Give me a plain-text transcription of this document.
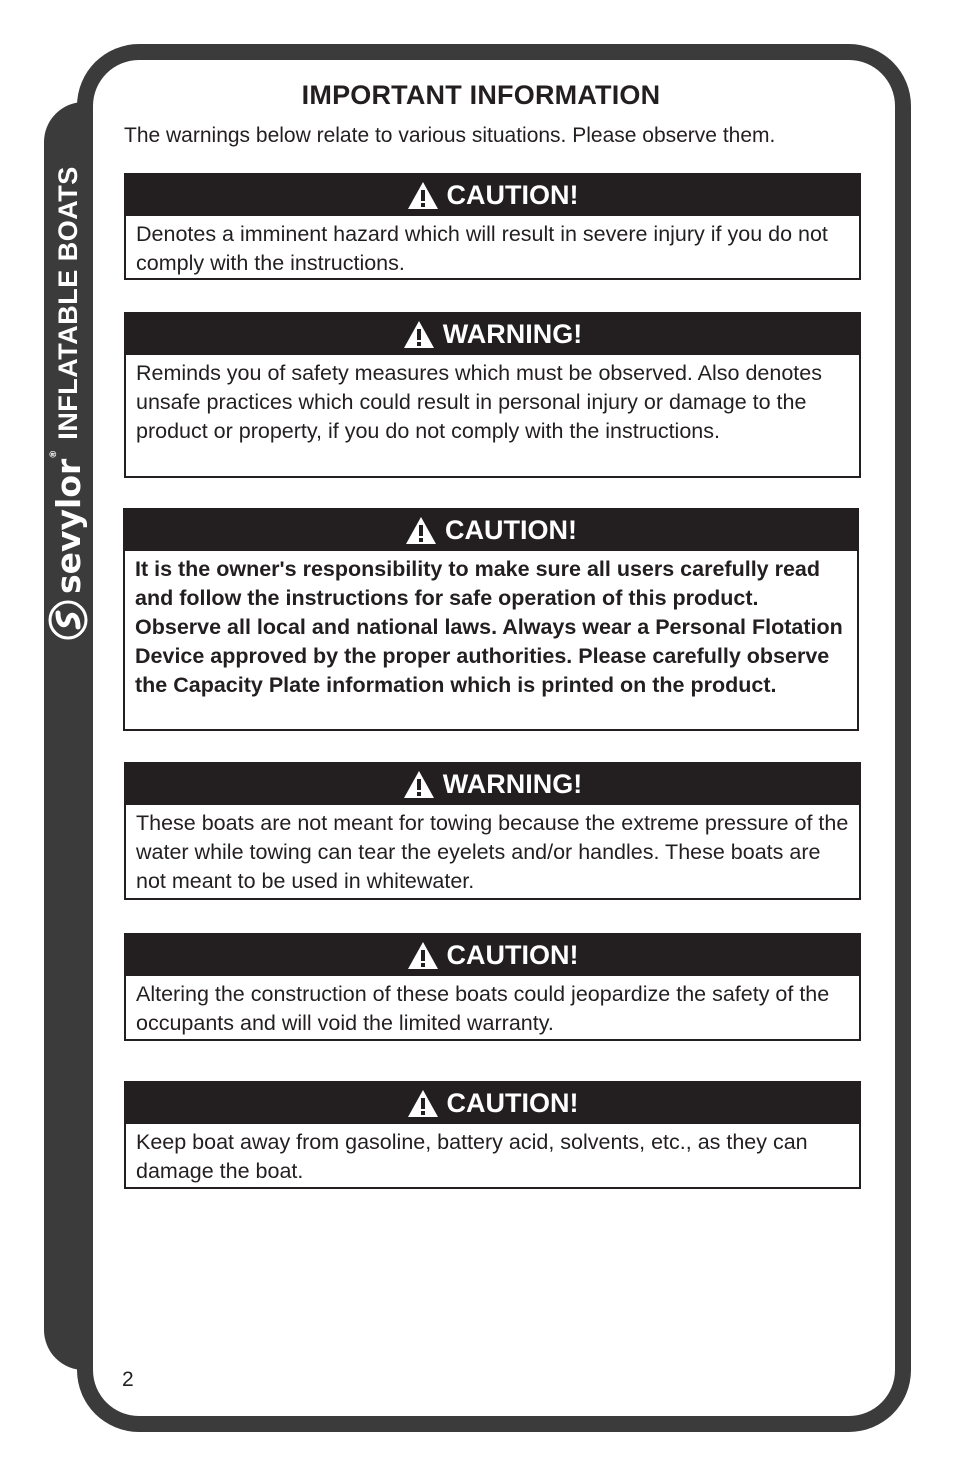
INFLATABLE BOATS
sevylor®
IMPORTANT INFORMATION
The warnings below relate to various situations. Please observe them.
CAUTION!
Denotes a imminent hazard which will result in severe injury if you do not comply with the instructions.
WARNING!
Reminds you of safety measures which must be observed. Also denotes unsafe practices which could result in personal injury or damage to the product or property, if you do not comply with the instructions.
CAUTION!
It is the owner's responsibility to make sure all users carefully read and follow the instructions for safe operation of this product. Observe all local and national laws. Always wear a Personal Flotation Device approved by the proper authorities. Please carefully observe the Capacity Plate information which is printed on the product.
WARNING!
These boats are not meant for towing because the extreme pressure of the water while towing can tear the eyelets and/or handles. These boats are not meant to be used in whitewater.
CAUTION!
Altering the construction of these boats could jeopardize the safety of the occupants and will void the limited warranty.
CAUTION!
Keep boat away from gasoline, battery acid, solvents, etc., as they can damage the boat.
2
